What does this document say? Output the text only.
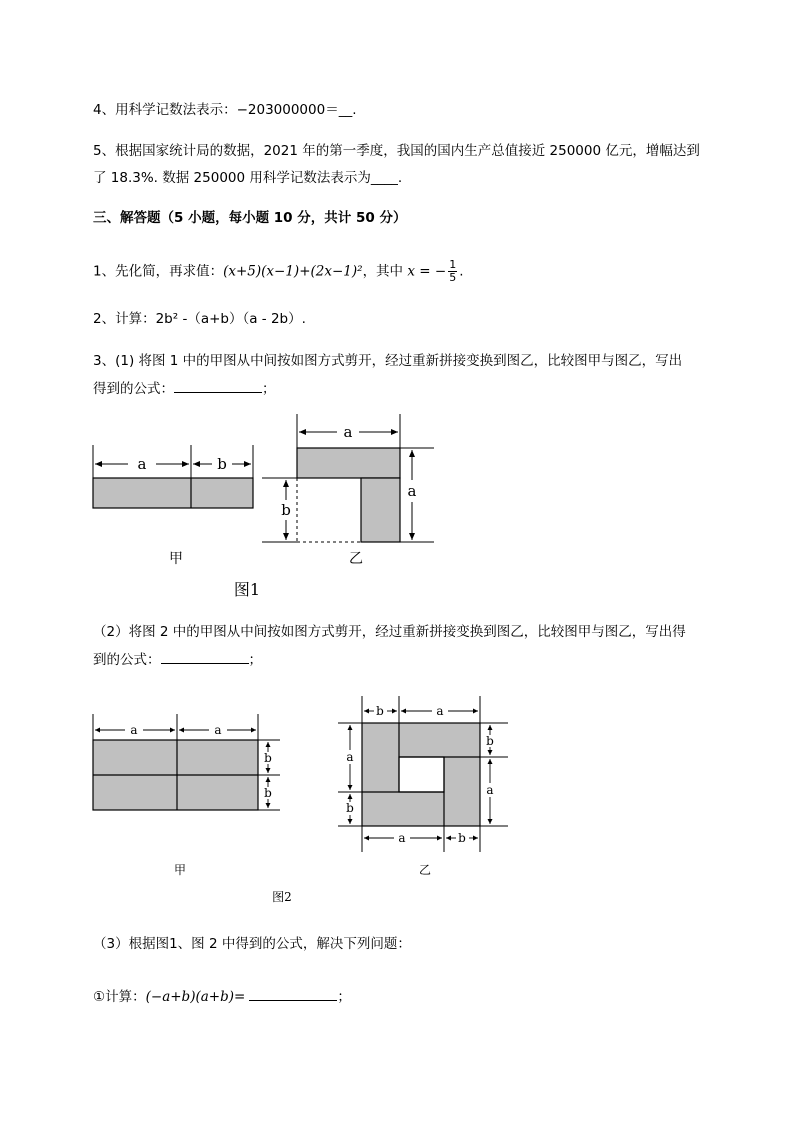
4、用科学记数法表示：−203000000＝__.
5、根据国家统计局的数据，2021 年的第一季度，我国的国内生产总值接近 250000 亿元，增幅达到
了 18.3%. 数据 250000 用科学记数法表示为____.
三、解答题（5 小题，每小题 10 分，共计 50 分）
1、先化简，再求值：(x+5)(x−1)+(2x−1)²，其中 x = − $\frac{1}{5}$ .
2、计算：2b² -（a+b）（a - 2b）.
3、(1) 将图 1 中的甲图从中间按如图方式剪开，经过重新拼接变换到图乙，比较图甲与图乙，写出
得到的公式：	；
（2）将图 2 中的甲图从中间按如图方式剪开，经过重新拼接变换到图乙，比较图甲与图乙，写出得
到的公式：	；
（3）根据图1、图 2 中得到的公式，解决下列问题：
①计算：(−a+b)(a+b)=	；
a	b
甲
b
a
a
乙
图1
a	a
b
b
甲
b	a
a
b
b
a
a	b
乙
图2
